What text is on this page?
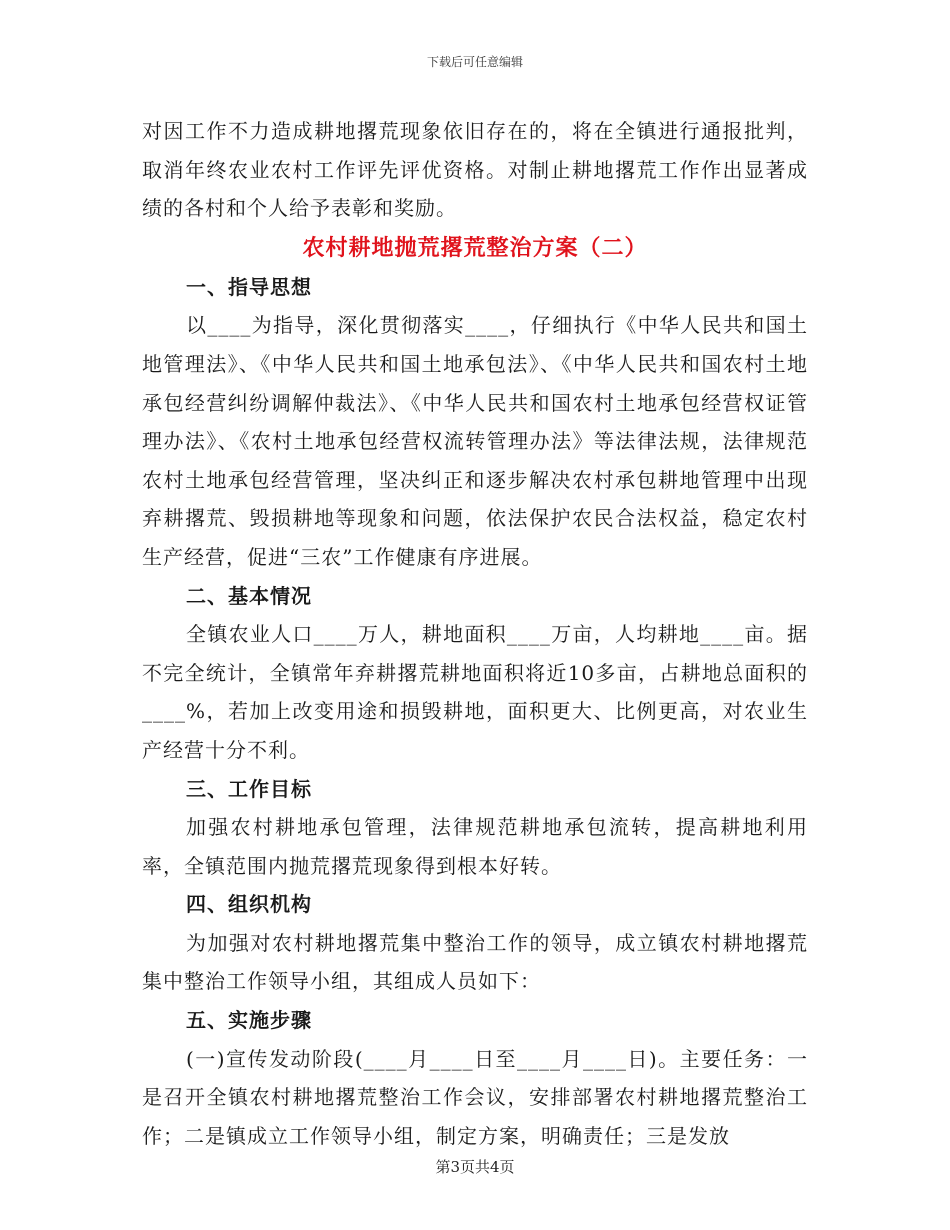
下载后可任意编辑

对因工作不力造成耕地撂荒现象依旧存在的，将在全镇进行通报批判，取消年终农业农村工作评先评优资格。对制止耕地撂荒工作作出显著成绩的各村和个人给予表彰和奖励。

农村耕地抛荒撂荒整治方案（二）
一、指导思想

以____为指导，深化贯彻落实____，仔细执行《中华人民共和国土地管理法》、《中华人民共和国土地承包法》、《中华人民共和国农村土地承包经营纠纷调解仲裁法》、《中华人民共和国农村土地承包经营权证管理办法》、《农村土地承包经营权流转管理办法》等法律法规，法律规范农村土地承包经营管理，坚决纠正和逐步解决农村承包耕地管理中出现弃耕撂荒、毁损耕地等现象和问题，依法保护农民合法权益，稳定农村生产经营，促进“三农”工作健康有序进展。

二、基本情况

全镇农业人口____万人，耕地面积____万亩，人均耕地____亩。据不完全统计，全镇常年弃耕撂荒耕地面积将近10多亩，占耕地总面积的____%，若加上改变用途和损毁耕地，面积更大、比例更高，对农业生产经营十分不利。

三、工作目标

加强农村耕地承包管理，法律规范耕地承包流转，提高耕地利用率，全镇范围内抛荒撂荒现象得到根本好转。

四、组织机构

为加强对农村耕地撂荒集中整治工作的领导，成立镇农村耕地撂荒集中整治工作领导小组，其组成人员如下：

五、实施步骤

(一)宣传发动阶段(____月____日至____月____日)。主要任务：一是召开全镇农村耕地撂荒整治工作会议，安排部署农村耕地撂荒整治工作；二是镇成立工作领导小组，制定方案，明确责任；三是发放

第3页共4页
